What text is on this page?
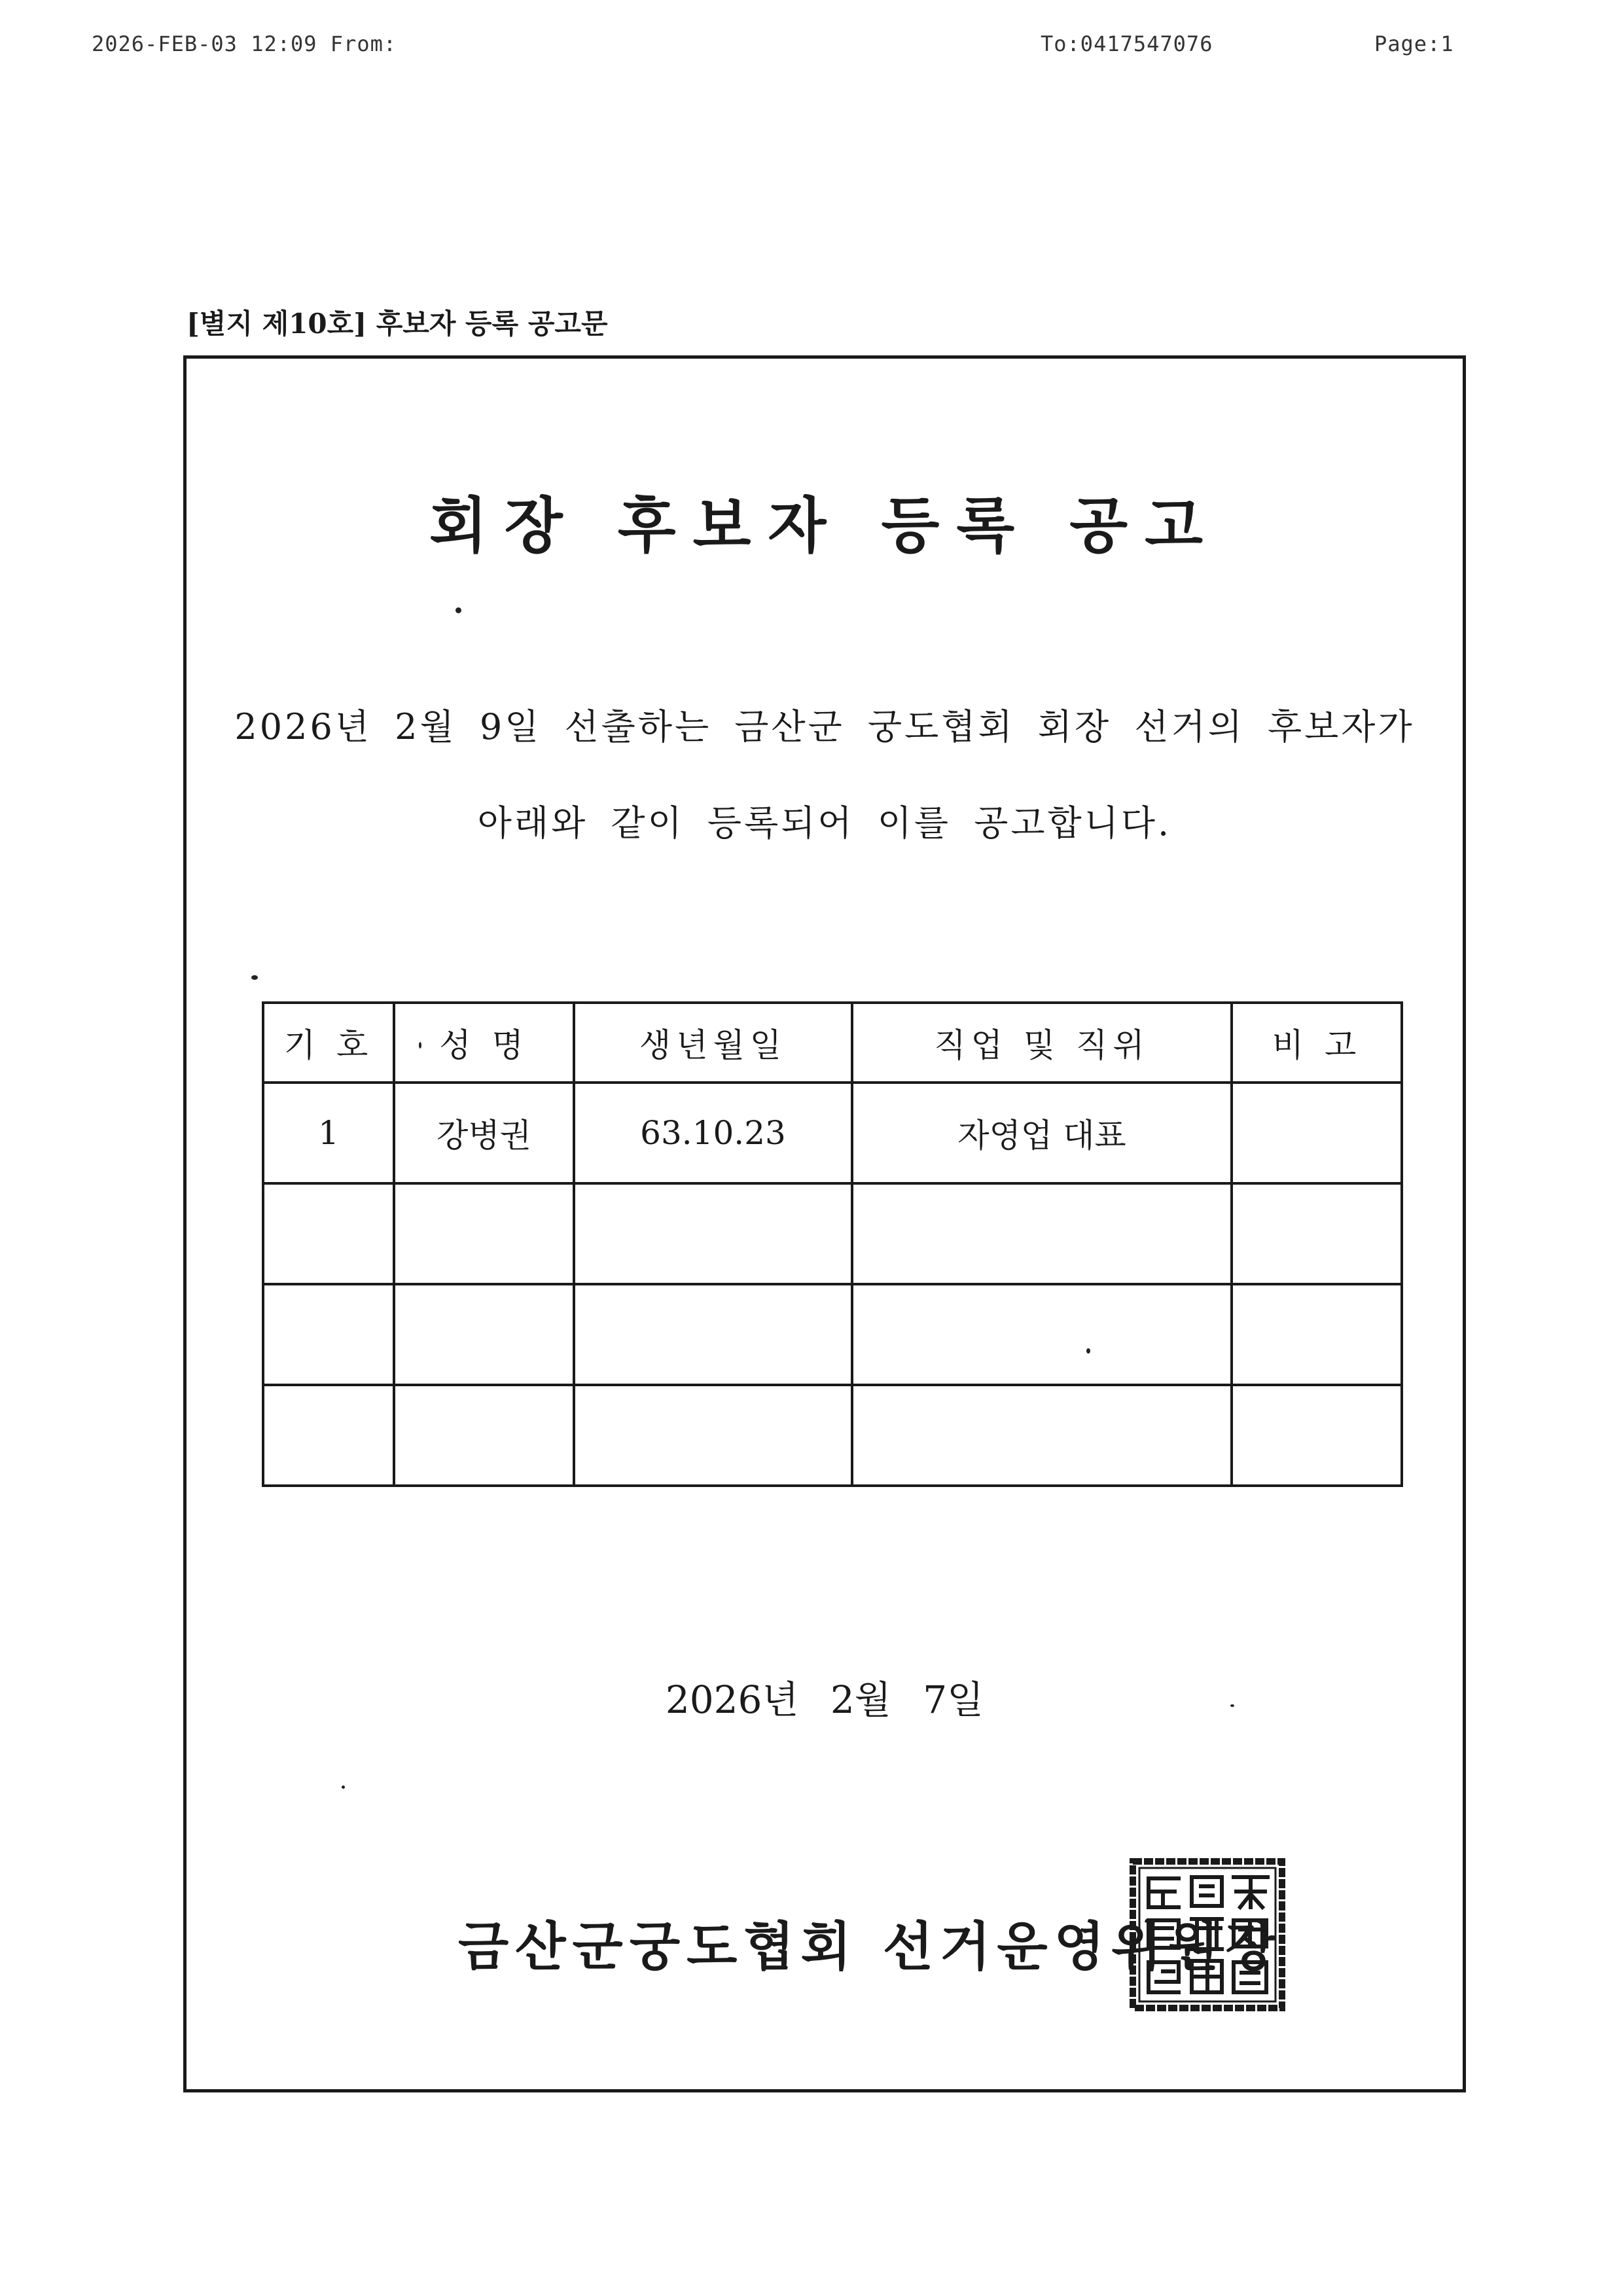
2026-FEB-03 12:09 From:	To:0417547076	Page:1
[별지 제10호] 후보자 등록 공고문
회장 후보자 등록 공고
2026년 2월 9일 선출하는 금산군 궁도협회 회장 선거의 후보자가
아래와 같이 등록되어 이를 공고합니다.
기 호	성 명	생년월일	직업 및 직위	비 고
1	강병권	63.10.23	자영업 대표	

2026년 2월 7일
금산군궁도협회 선거운영위원장
